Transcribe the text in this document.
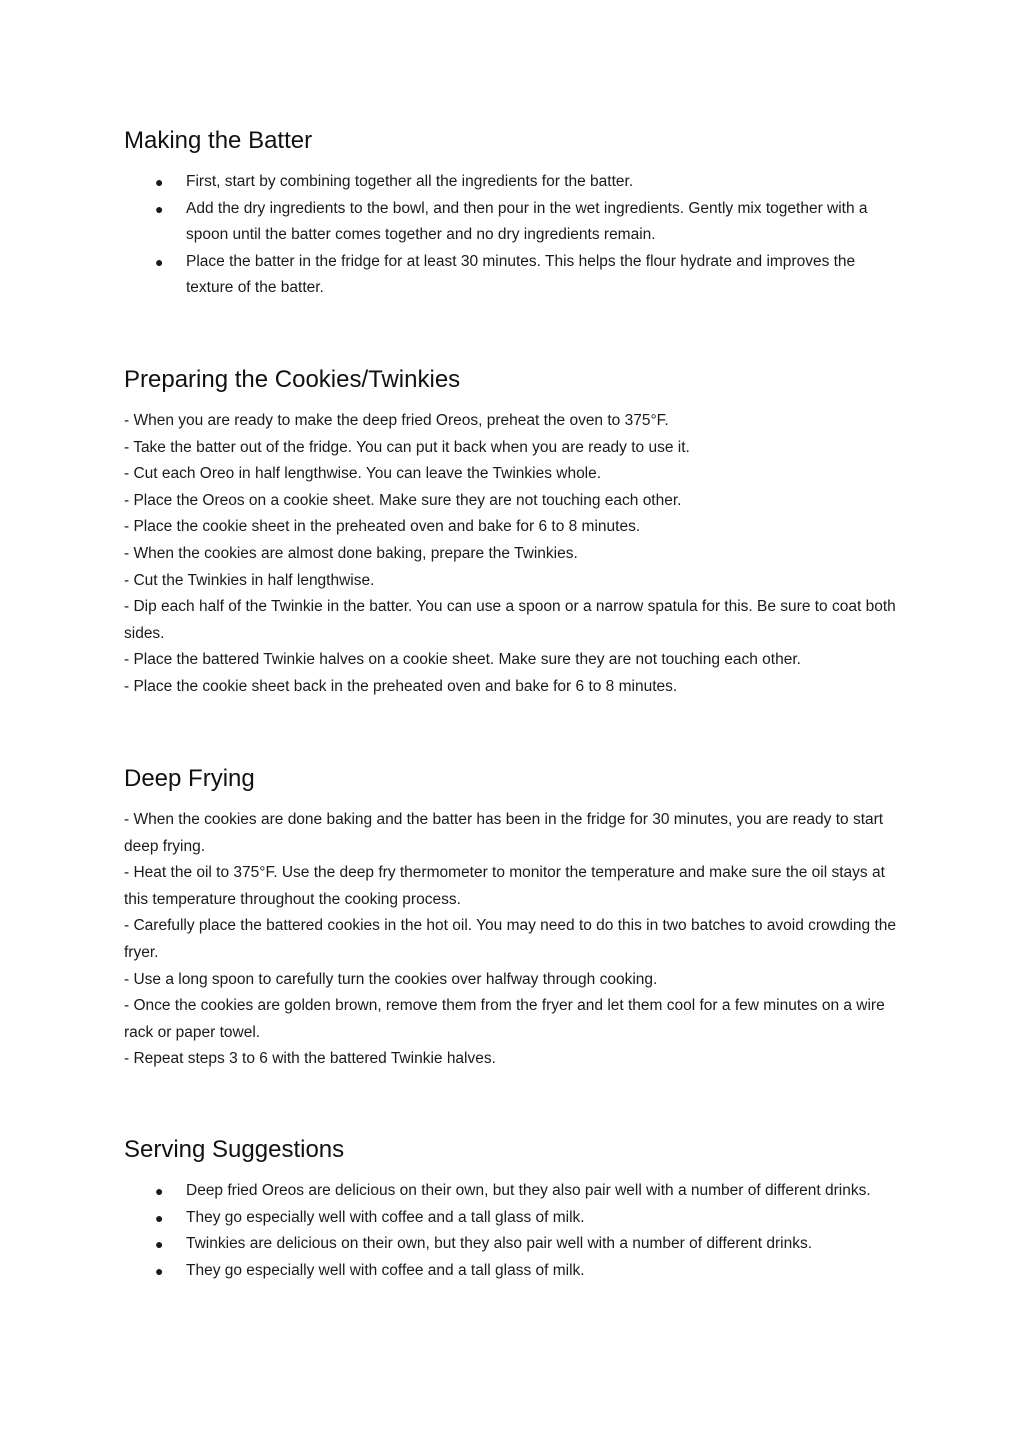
Making the Batter
● First, start by combining together all the ingredients for the batter.
● Add the dry ingredients to the bowl, and then pour in the wet ingredients. Gently mix together with a spoon until the batter comes together and no dry ingredients remain.
● Place the batter in the fridge for at least 30 minutes. This helps the flour hydrate and improves the texture of the batter.
Preparing the Cookies/Twinkies

- When you are ready to make the deep fried Oreos, preheat the oven to 375°F.

- Take the batter out of the fridge. You can put it back when you are ready to use it.

- Cut each Oreo in half lengthwise. You can leave the Twinkies whole.

- Place the Oreos on a cookie sheet. Make sure they are not touching each other.

- Place the cookie sheet in the preheated oven and bake for 6 to 8 minutes.

- When the cookies are almost done baking, prepare the Twinkies.

- Cut the Twinkies in half lengthwise.

- Dip each half of the Twinkie in the batter. You can use a spoon or a narrow spatula for this. Be sure to coat both sides.

- Place the battered Twinkie halves on a cookie sheet. Make sure they are not touching each other.

- Place the cookie sheet back in the preheated oven and bake for 6 to 8 minutes.

Deep Frying

- When the cookies are done baking and the batter has been in the fridge for 30 minutes, you are ready to start deep frying.

- Heat the oil to 375°F. Use the deep fry thermometer to monitor the temperature and make sure the oil stays at this temperature throughout the cooking process.

- Carefully place the battered cookies in the hot oil. You may need to do this in two batches to avoid crowding the fryer.

- Use a long spoon to carefully turn the cookies over halfway through cooking.

- Once the cookies are golden brown, remove them from the fryer and let them cool for a few minutes on a wire rack or paper towel.

- Repeat steps 3 to 6 with the battered Twinkie halves.

Serving Suggestions
● Deep fried Oreos are delicious on their own, but they also pair well with a number of different drinks.
● They go especially well with coffee and a tall glass of milk.
● Twinkies are delicious on their own, but they also pair well with a number of different drinks.
● They go especially well with coffee and a tall glass of milk.
